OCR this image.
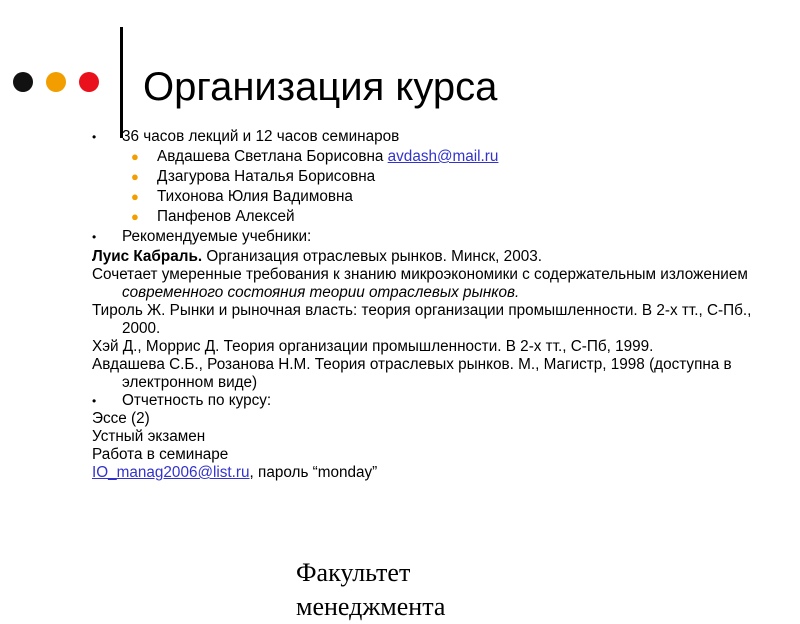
Организация курса
• 36 часов лекций и 12 часов семинаров
● Авдашева Светлана Борисовна avdash@mail.ru
● Дзагурова Наталья Борисовна
● Тихонова Юлия Вадимовна
● Панфенов Алексей
• Рекомендуемые учебники:
Луис Кабраль. Организация отраслевых рынков. Минск, 2003.
Сочетает умеренные требования к знанию микроэкономики с содержательным изложением современного состояния теории отраслевых рынков.
Тироль Ж. Рынки и рыночная власть: теория организации промышленности. В 2-х тт., С-Пб., 2000.
Хэй Д., Моррис Д. Теория организации промышленности. В 2-х тт., С-Пб, 1999.
Авдашева С.Б., Розанова Н.М. Теория отраслевых рынков. М., Магистр, 1998 (доступна в электронном виде)
• Отчетность по курсу:
Эссе (2)
Устный экзамен
Работа в семинаре
IO_manag2006@list.ru, пароль “monday”
Факультет
менеджмента
